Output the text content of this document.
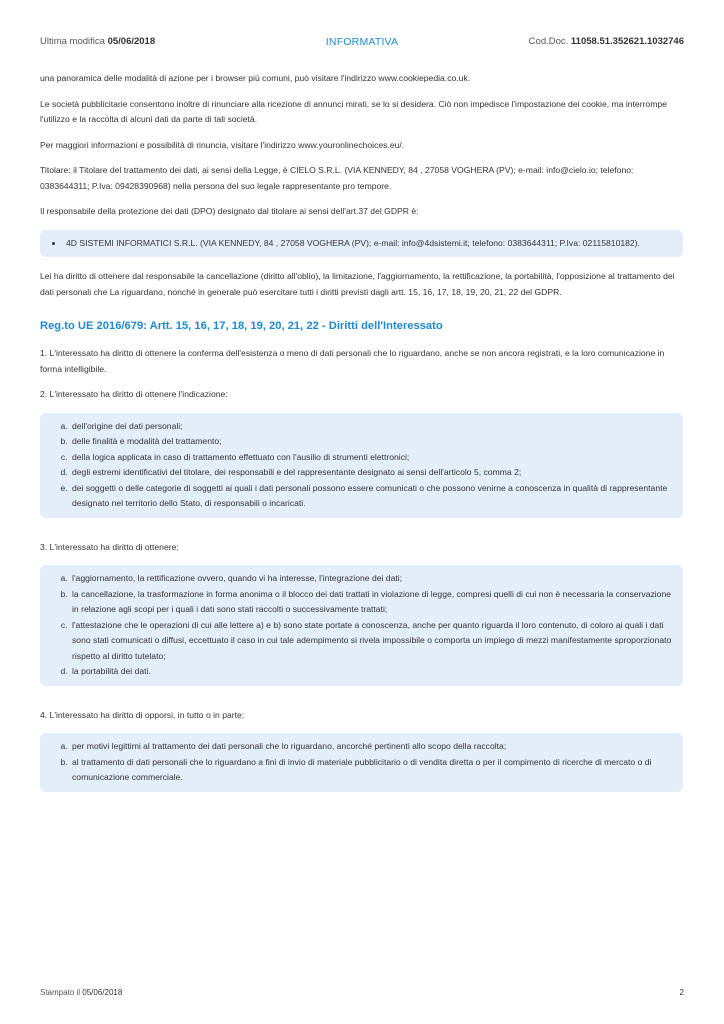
Ultima modifica 05/06/2018	INFORMATIVA	Cod.Doc. 11058.51.352621.1032746

una panoramica delle modalità di azione per i browser più comuni, può visitare l'indirizzo www.cookiepedia.co.uk.

Le società pubblicitarie consentono inoltre di rinunciare alla ricezione di annunci mirati, se lo si desidera. Ciò non impedisce l'impostazione dei cookie, ma interrompe l'utilizzo e la raccolta di alcuni dati da parte di tali società.

Per maggiori informazioni e possibilità di rinuncia, visitare l'indirizzo www.youronlinechoices.eu/.

Titolare: il Titolare del trattamento dei dati, ai sensi della Legge, è CIELO S.R.L. (VIA KENNEDY, 84 , 27058 VOGHERA (PV); e-mail: info@cielo.io; telefono: 0383644311; P.Iva: 09428390968) nella persona del suo legale rappresentante pro tempore.

Il responsabile della protezione dei dati (DPO) designato dal titolare ai sensi dell'art.37 del GDPR è:

• 4D SISTEMI INFORMATICI S.R.L. (VIA KENNEDY, 84 , 27058 VOGHERA (PV); e-mail: info@4dsistemi.it; telefono: 0383644311; P.Iva: 02115810182).

Lei ha diritto di ottenere dal responsabile la cancellazione (diritto all'oblio), la limitazione, l'aggiornamento, la rettificazione, la portabilità, l'opposizione al trattamento dei dati personali che La riguardano, nonché in generale può esercitare tutti i diritti previsti dagli artt. 15, 16, 17, 18, 19, 20, 21, 22 del GDPR.

Reg.to UE 2016/679: Artt. 15, 16, 17, 18, 19, 20, 21, 22 - Diritti dell'Interessato

1. L'interessato ha diritto di ottenere la conferma dell'esistenza o meno di dati personali che lo riguardano, anche se non ancora registrati, e la loro comunicazione in forma intelligibile.

2. L'interessato ha diritto di ottenere l'indicazione:

a. dell'origine dei dati personali;
b. delle finalità e modalità del trattamento;
c. della logica applicata in caso di trattamento effettuato con l'ausilio di strumenti elettronici;
d. degli estremi identificativi del titolare, dei responsabili e del rappresentante designato ai sensi dell'articolo 5, comma 2;
e. dei soggetti o delle categorie di soggetti ai quali i dati personali possono essere comunicati o che possono venirne a conoscenza in qualità di rappresentante designato nel territorio dello Stato, di responsabili o incaricati.

3. L'interessato ha diritto di ottenere:

a. l'aggiornamento, la rettificazione ovvero, quando vi ha interesse, l'integrazione dei dati;
b. la cancellazione, la trasformazione in forma anonima o il blocco dei dati trattati in violazione di legge, compresi quelli di cui non è necessaria la conservazione in relazione agli scopi per i quali i dati sono stati raccolti o successivamente trattati;
c. l'attestazione che le operazioni di cui alle lettere a) e b) sono state portate a conoscenza, anche per quanto riguarda il loro contenuto, di coloro ai quali i dati sono stati comunicati o diffusi, eccettuato il caso in cui tale adempimento si rivela impossibile o comporta un impiego di mezzi manifestamente sproporzionato rispetto al diritto tutelato;
d. la portabilità dei dati.

4. L'interessato ha diritto di opporsi, in tutto o in parte:

a. per motivi legittimi al trattamento dei dati personali che lo riguardano, ancorché pertinenti allo scopo della raccolta;
b. al trattamento di dati personali che lo riguardano a fini di invio di materiale pubblicitario o di vendita diretta o per il compimento di ricerche di mercato o di comunicazione commerciale.
Stampato il 05/06/2018	2
